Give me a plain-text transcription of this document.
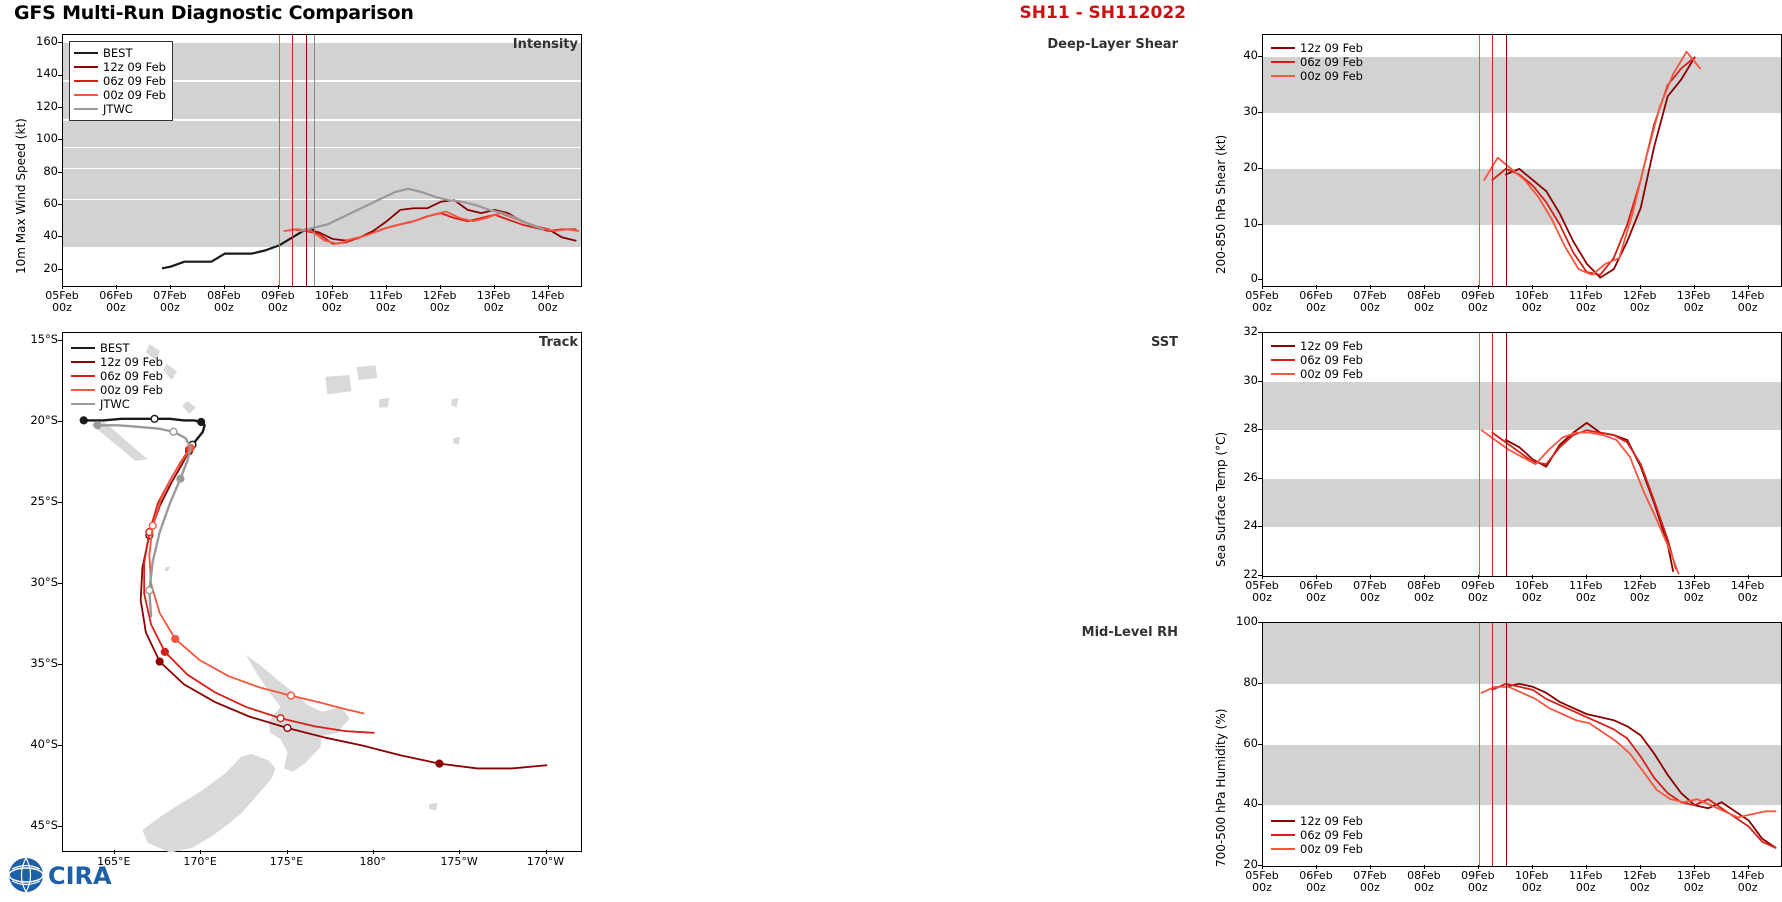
GFS Multi-Run Diagnostic Comparison	SH11 - SH112022
10m Max Wind Speed (kt)
BEST
12z 09 Feb
06z 09 Feb
00z 09 Feb
JTWC
Intensity
20
40
60
80
100
120
140
160
05Feb
00z
06Feb
00z
07Feb
00z
08Feb
00z
09Feb
00z
10Feb
00z
11Feb
00z
12Feb
00z
13Feb
00z
14Feb
00z
BEST
12z 09 Feb
06z 09 Feb
00z 09 Feb
JTWC
Track
15°S
20°S
25°S
30°S
35°S
40°S
45°S
165°E	170°E	175°E	180°	175°W	170°W
200-850 hPa Shear (kt)
12z 09 Feb
06z 09 Feb
00z 09 Feb
Deep-Layer Shear
0
10
20
30
40
05Feb
00z
06Feb
00z
07Feb
00z
08Feb
00z
09Feb
00z
10Feb
00z
11Feb
00z
12Feb
00z
13Feb
00z
14Feb
00z
Sea Surface Temp (°C)
12z 09 Feb
06z 09 Feb
00z 09 Feb
SST
22
24
26
28
30
32
05Feb
00z
06Feb
00z
07Feb
00z
08Feb
00z
09Feb
00z
10Feb
00z
11Feb
00z
12Feb
00z
13Feb
00z
14Feb
00z
700-500 hPa Humidity (%)	12z 09 Feb
06z 09 Feb
00z 09 Feb
Mid-Level RH
20
40
60
80
100
05Feb
00z
06Feb
00z
07Feb
00z
08Feb
00z
09Feb
00z
10Feb
00z
11Feb
00z
12Feb
00z
13Feb
00z
14Feb
00z
CIRA
